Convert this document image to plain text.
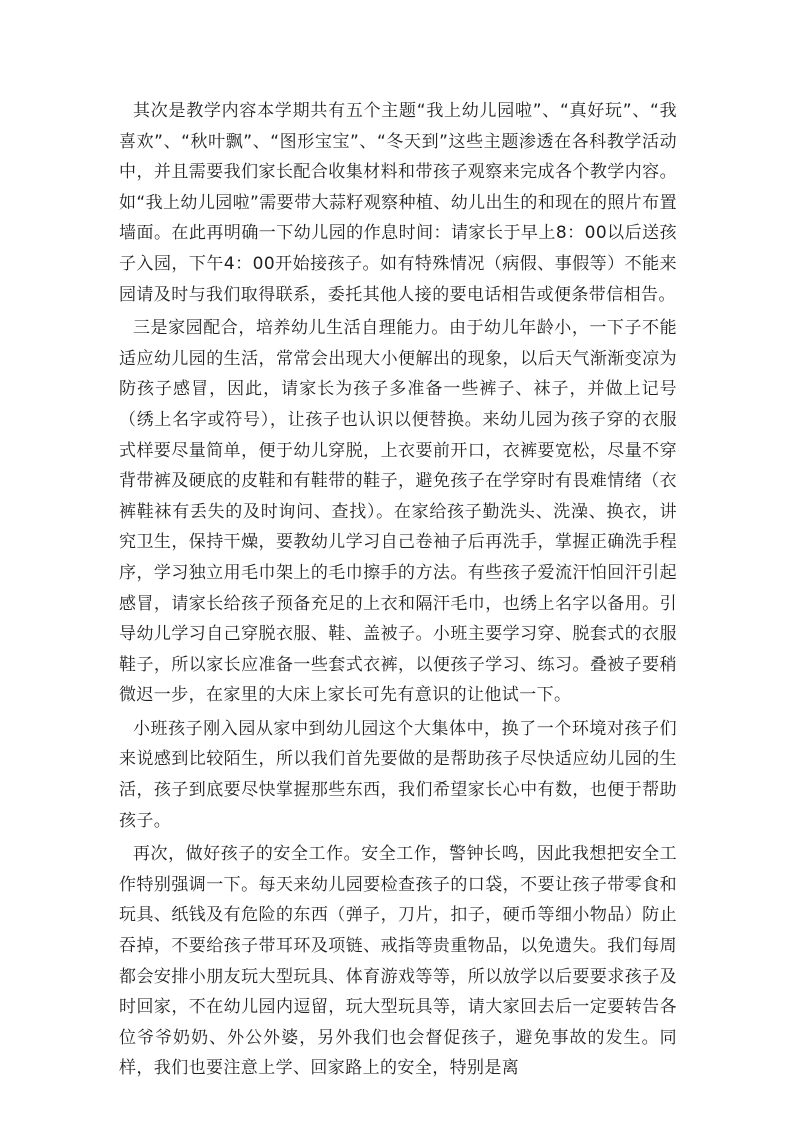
其次是教学内容本学期共有五个主题“我上幼儿园啦”、“真好玩”、“我喜欢”、“秋叶飘”、“图形宝宝”、“冬天到”这些主题渗透在各科教学活动中，并且需要我们家长配合收集材料和带孩子观察来完成各个教学内容。如“我上幼儿园啦”需要带大蒜籽观察种植、幼儿出生的和现在的照片布置墙面。在此再明确一下幼儿园的作息时间：请家长于早上8：00以后送孩子入园，下午4：00开始接孩子。如有特殊情况（病假、事假等）不能来园请及时与我们取得联系，委托其他人接的要电话相告或便条带信相告。

三是家园配合，培养幼儿生活自理能力。由于幼儿年龄小，一下子不能适应幼儿园的生活，常常会出现大小便解出的现象，以后天气渐渐变凉为防孩子感冒，因此，请家长为孩子多准备一些裤子、袜子，并做上记号（绣上名字或符号），让孩子也认识以便替换。来幼儿园为孩子穿的衣服式样要尽量简单，便于幼儿穿脱，上衣要前开口，衣裤要宽松，尽量不穿背带裤及硬底的皮鞋和有鞋带的鞋子，避免孩子在学穿时有畏难情绪（衣裤鞋袜有丢失的及时询问、查找）。在家给孩子勤洗头、洗澡、换衣，讲究卫生，保持干燥，要教幼儿学习自己卷袖子后再洗手，掌握正确洗手程序，学习独立用毛巾架上的毛巾擦手的方法。有些孩子爱流汗怕回汗引起感冒，请家长给孩子预备充足的上衣和隔汗毛巾，也绣上名字以备用。引导幼儿学习自己穿脱衣服、鞋、盖被子。小班主要学习穿、脱套式的衣服鞋子，所以家长应准备一些套式衣裤，以便孩子学习、练习。叠被子要稍微迟一步，在家里的大床上家长可先有意识的让他试一下。

小班孩子刚入园从家中到幼儿园这个大集体中，换了一个环境对孩子们来说感到比较陌生，所以我们首先要做的是帮助孩子尽快适应幼儿园的生活，孩子到底要尽快掌握那些东西，我们希望家长心中有数，也便于帮助孩子。

再次，做好孩子的安全工作。安全工作，警钟长鸣，因此我想把安全工作特别强调一下。每天来幼儿园要检查孩子的口袋，不要让孩子带零食和玩具、纸钱及有危险的东西（弹子，刀片，扣子，硬币等细小物品）防止吞掉，不要给孩子带耳环及项链、戒指等贵重物品，以免遗失。我们每周都会安排小朋友玩大型玩具、体育游戏等等，所以放学以后要要求孩子及时回家，不在幼儿园内逗留，玩大型玩具等，请大家回去后一定要转告各位爷爷奶奶、外公外婆，另外我们也会督促孩子，避免事故的发生。同样，我们也要注意上学、回家路上的安全，特别是离
